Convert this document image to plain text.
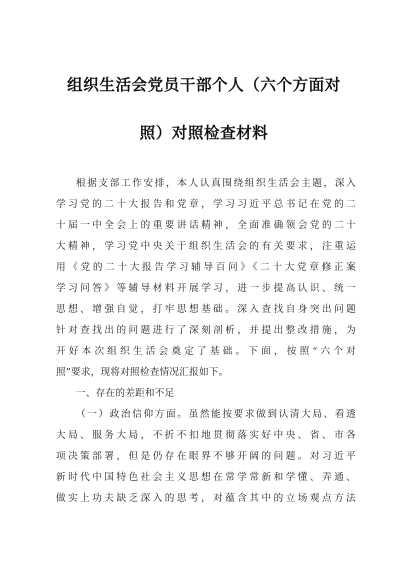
组织生活会党员干部个人（六个方面对
照）对照检查材料
根据支部工作安排，本人认真围绕组织生活会主题，深入
学习党的二十大报告和党章，学习习近平总书记在党的二
十届一中全会上的重要讲话精神，全面准确领会党的二十
大精神，学习党中央关于组织生活会的有关要求，注重运
用《党的二十大报告学习辅导百问》《二十大党章修正案
学习问答》等辅导材料开展学习，进一步提高认识、统一
思想、增强自觉，打牢思想基础。深入查找自身突出问题
针对查找出的问题进行了深刻剖析，并提出整改措施，为
开好本次组织生活会奠定了基础。下面，按照“六个对
照”要求，现将对照检查情况汇报如下。
一、存在的差距和不足
（一）政治信仰方面。虽然能按要求做到认清大局、看透
大局、服务大局，不折不扣地贯彻落实好中央、省、市各
项决策部署，但是仍存在眼界不够开阔的问题。对习近平
新时代中国特色社会主义思想在常学常新和学懂、弄通、
做实上功夫缺乏深入的思考，对蕴含其中的立场观点方法
